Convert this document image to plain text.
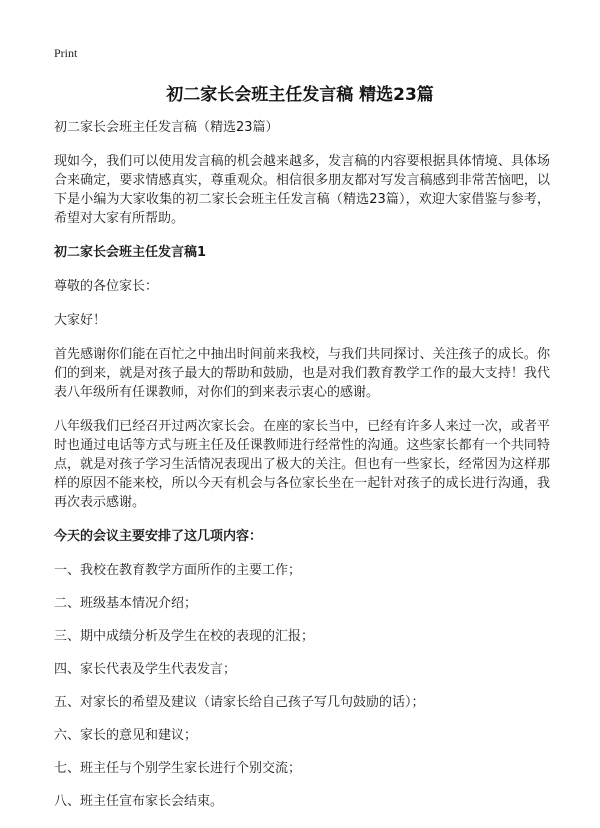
Print
初二家长会班主任发言稿 精选23篇

初二家长会班主任发言稿（精选23篇）

现如今，我们可以使用发言稿的机会越来越多，发言稿的内容要根据具体情境、具体场合来确定，要求情感真实，尊重观众。相信很多朋友都对写发言稿感到非常苦恼吧，以下是小编为大家收集的初二家长会班主任发言稿（精选23篇），欢迎大家借鉴与参考，希望对大家有所帮助。

初二家长会班主任发言稿1

尊敬的各位家长：

大家好！

首先感谢你们能在百忙之中抽出时间前来我校，与我们共同探讨、关注孩子的成长。你们的到来，就是对孩子最大的帮助和鼓励，也是对我们教育教学工作的最大支持！我代表八年级所有任课教师，对你们的到来表示衷心的感谢。

八年级我们已经召开过两次家长会。在座的家长当中，已经有许多人来过一次，或者平时也通过电话等方式与班主任及任课教师进行经常性的沟通。这些家长都有一个共同特点，就是对孩子学习生活情况表现出了极大的关注。但也有一些家长，经常因为这样那样的原因不能来校，所以今天有机会与各位家长坐在一起针对孩子的成长进行沟通，我再次表示感谢。

今天的会议主要安排了这几项内容：

一、我校在教育教学方面所作的主要工作；
二、班级基本情况介绍；
三、期中成绩分析及学生在校的表现的汇报；
四、家长代表及学生代表发言；
五、对家长的希望及建议（请家长给自己孩子写几句鼓励的话）；
六、家长的意见和建议；
七、班主任与个别学生家长进行个别交流；
八、班主任宣布家长会结束。
